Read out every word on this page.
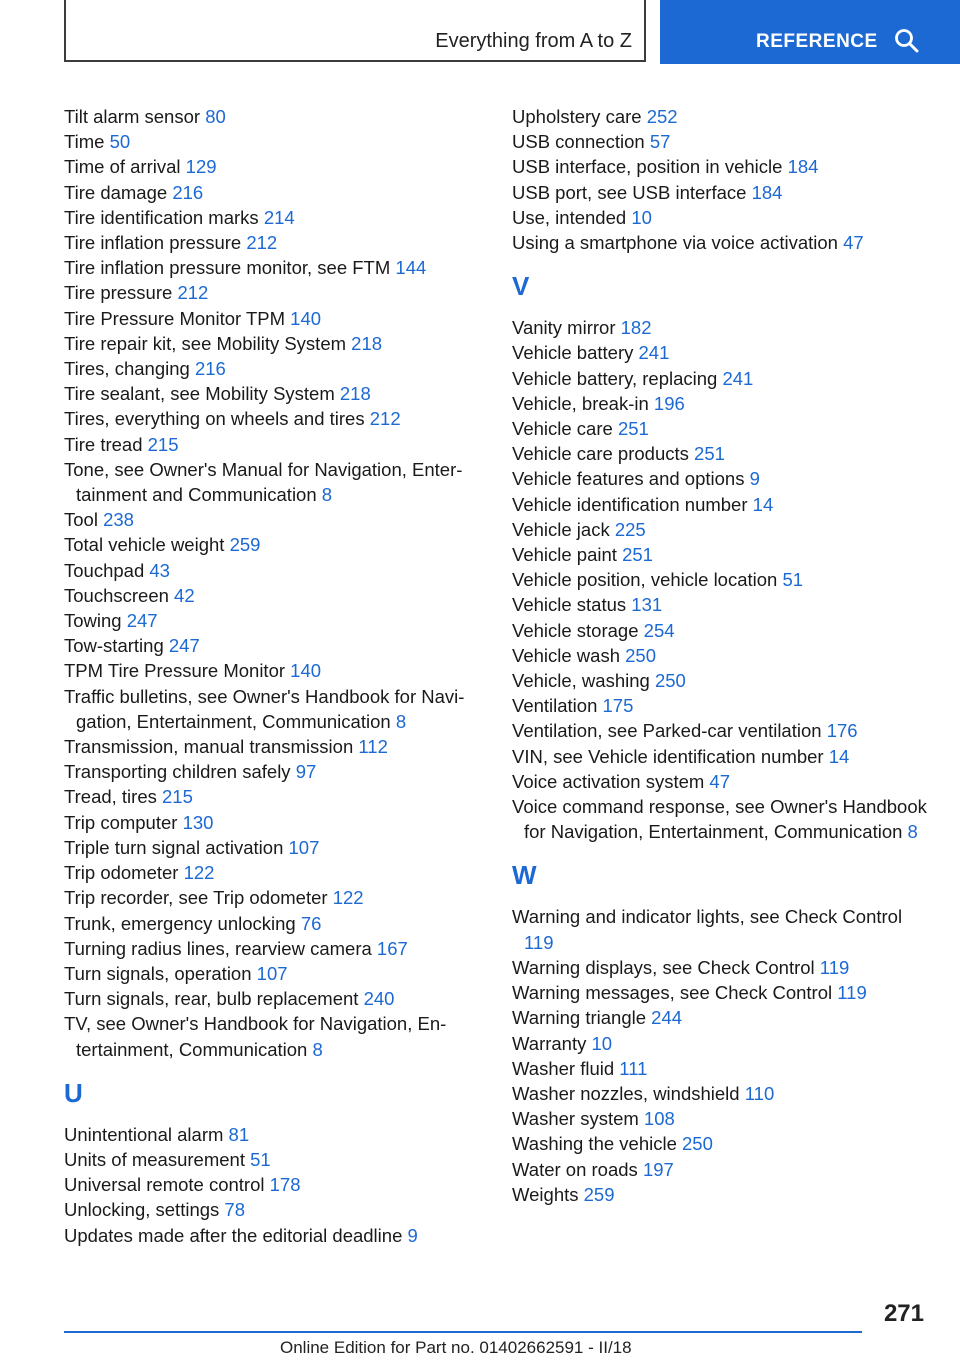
Everything from A to Z	REFERENCE
Tilt alarm sensor 80
Time 50
Time of arrival 129
Tire damage 216
Tire identification marks 214
Tire inflation pressure 212
Tire inflation pressure monitor, see FTM 144
Tire pressure 212
Tire Pressure Monitor TPM 140
Tire repair kit, see Mobility System 218
Tires, changing 216
Tire sealant, see Mobility System 218
Tires, everything on wheels and tires 212
Tire tread 215
Tone, see Owner's Manual for Navigation, Entertainment and Communication 8
Tool 238
Total vehicle weight 259
Touchpad 43
Touchscreen 42
Towing 247
Tow-starting 247
TPM Tire Pressure Monitor 140
Traffic bulletins, see Owner's Handbook for Navigation, Entertainment, Communication 8
Transmission, manual transmission 112
Transporting children safely 97
Tread, tires 215
Trip computer 130
Triple turn signal activation 107
Trip odometer 122
Trip recorder, see Trip odometer 122
Trunk, emergency unlocking 76
Turning radius lines, rearview camera 167
Turn signals, operation 107
Turn signals, rear, bulb replacement 240
TV, see Owner's Handbook for Navigation, Entertainment, Communication 8
U
Unintentional alarm 81
Units of measurement 51
Universal remote control 178
Unlocking, settings 78
Updates made after the editorial deadline 9
Upholstery care 252
USB connection 57
USB interface, position in vehicle 184
USB port, see USB interface 184
Use, intended 10
Using a smartphone via voice activation 47
V
Vanity mirror 182
Vehicle battery 241
Vehicle battery, replacing 241
Vehicle, break-in 196
Vehicle care 251
Vehicle care products 251
Vehicle features and options 9
Vehicle identification number 14
Vehicle jack 225
Vehicle paint 251
Vehicle position, vehicle location 51
Vehicle status 131
Vehicle storage 254
Vehicle wash 250
Vehicle, washing 250
Ventilation 175
Ventilation, see Parked-car ventilation 176
VIN, see Vehicle identification number 14
Voice activation system 47
Voice command response, see Owner's Handbook for Navigation, Entertainment, Communication 8
W
Warning and indicator lights, see Check Control 119
Warning displays, see Check Control 119
Warning messages, see Check Control 119
Warning triangle 244
Warranty 10
Washer fluid 111
Washer nozzles, windshield 110
Washer system 108
Washing the vehicle 250
Water on roads 197
Weights 259
271
Online Edition for Part no. 01402662591 - II/18
